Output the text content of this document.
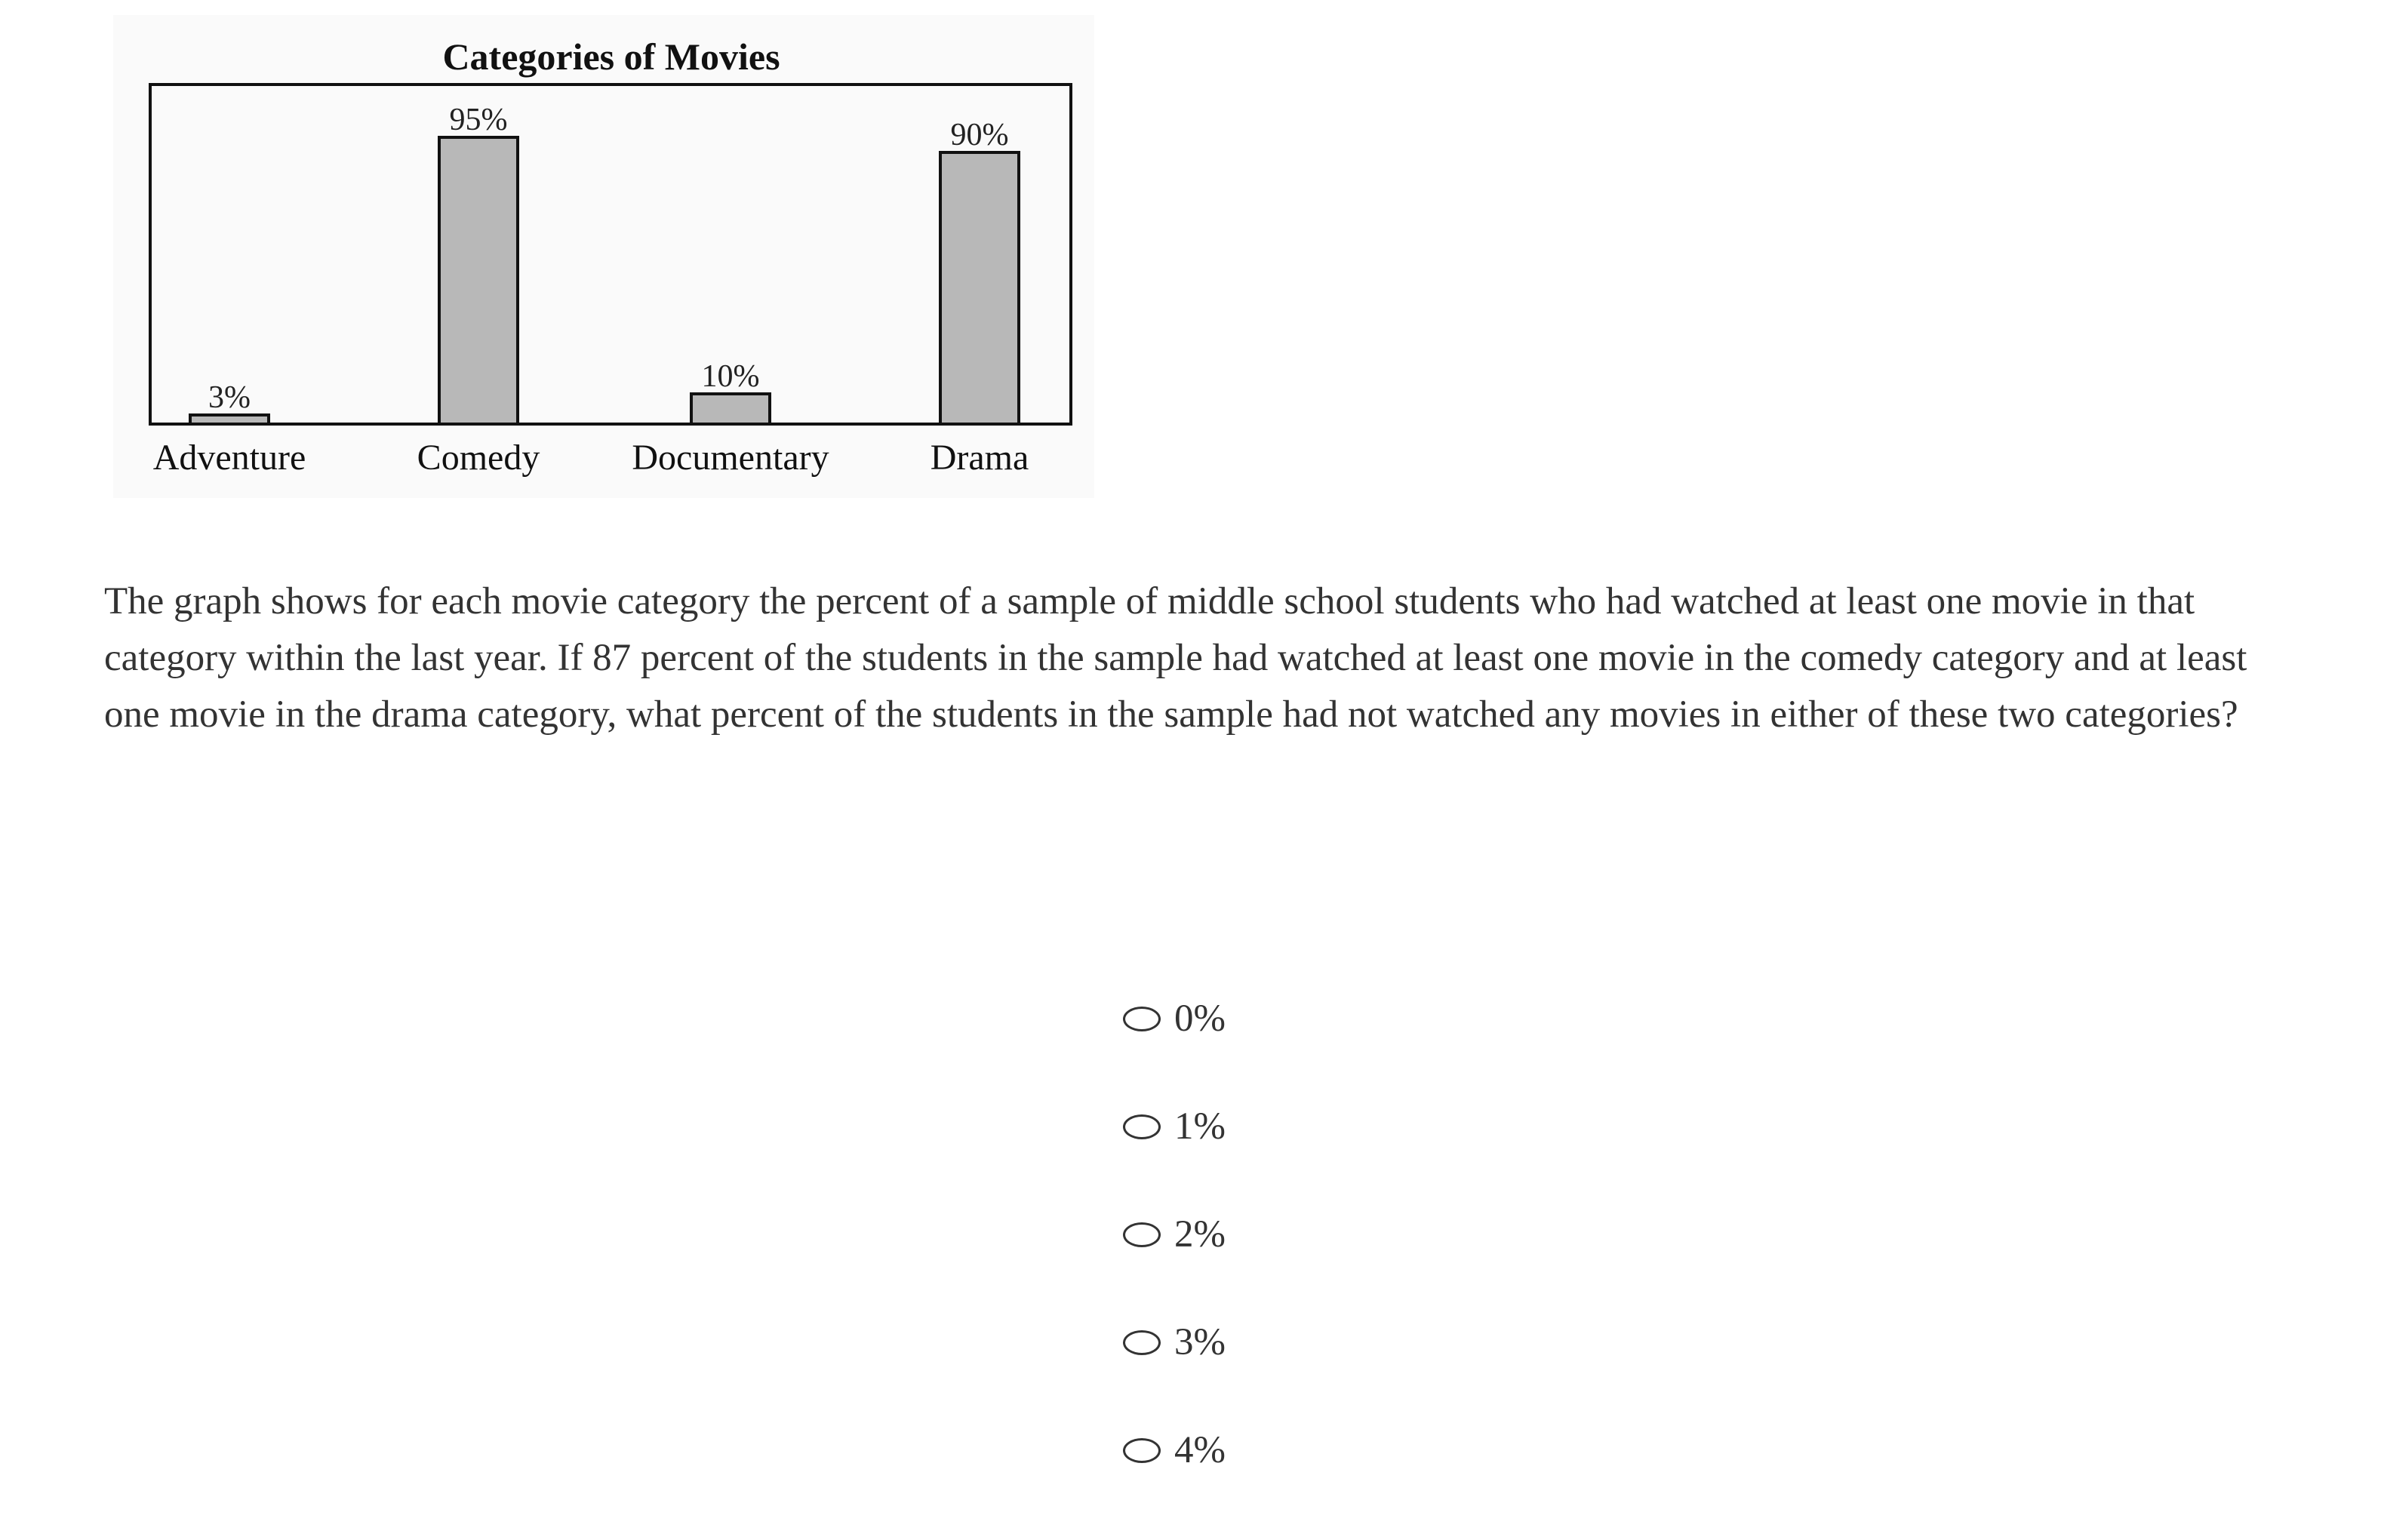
Categories of Movies
3%
Adventure
95%
Comedy
10%
Documentary
90%
Drama

The graph shows for each movie category the percent of a sample of middle school students who had watched at least one movie in that category within the last year. If 87 percent of the students in the sample had watched at least one movie in the comedy category and at least one movie in the drama category, what percent of the students in the sample had not watched any movies in either of these two categories?

0%
1%
2%
3%
4%
